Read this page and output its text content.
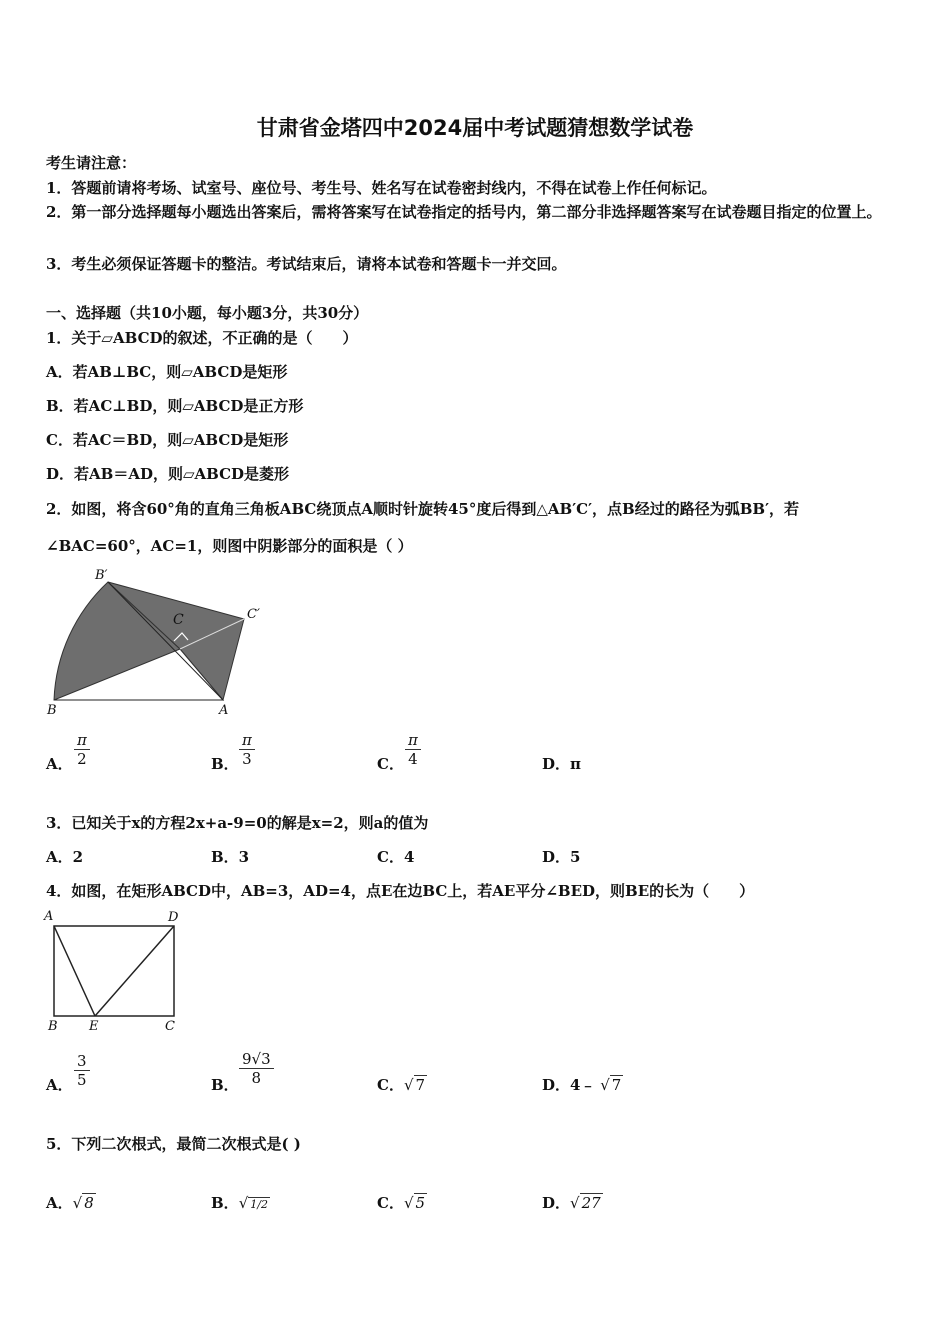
甘肃省金塔四中2024届中考试题猜想数学试卷
考生请注意：
1．答题前请将考场、试室号、座位号、考生号、姓名写在试卷密封线内，不得在试卷上作任何标记。
2．第一部分选择题每小题选出答案后，需将答案写在试卷指定的括号内，第二部分非选择题答案写在试卷题目指定的位置上。
3．考生必须保证答题卡的整洁。考试结束后，请将本试卷和答题卡一并交回。
一、选择题（共10小题，每小题3分，共30分）
1．关于▱ABCD的叙述，不正确的是（　　）
A．若AB⊥BC，则▱ABCD是矩形
B．若AC⊥BD，则▱ABCD是正方形
C．若AC＝BD，则▱ABCD是矩形
D．若AB＝AD，则▱ABCD是菱形
2．如图，将含60°角的直角三角板ABC绕顶点A顺时针旋转45°度后得到△AB′C′，点B经过的路径为弧BB′，若
∠BAC=60°，AC=1，则图中阴影部分的面积是（ ）
B′
C	C′
B	A
A． $\frac{\pi}{2}$	B． $\frac{\pi}{3}$	C． $\frac{\pi}{4}$	D．π
3．已知关于x的方程2x+a-9=0的解是x=2，则a的值为
A．2	B．3	C．4	D．5
4．如图，在矩形ABCD中，AB=3，AD=4，点E在边BC上，若AE平分∠BED，则BE的长为（　　）
A	D
B E	C
A． $\frac{3}{5}$	B． $\frac{9√3}{8}$	C．√ 7	D．4﹣ √ 7
5．下列二次根式，最简二次根式是( )
A．√ 8	B．√ 1/2	C．√ 5	D．√ 27
